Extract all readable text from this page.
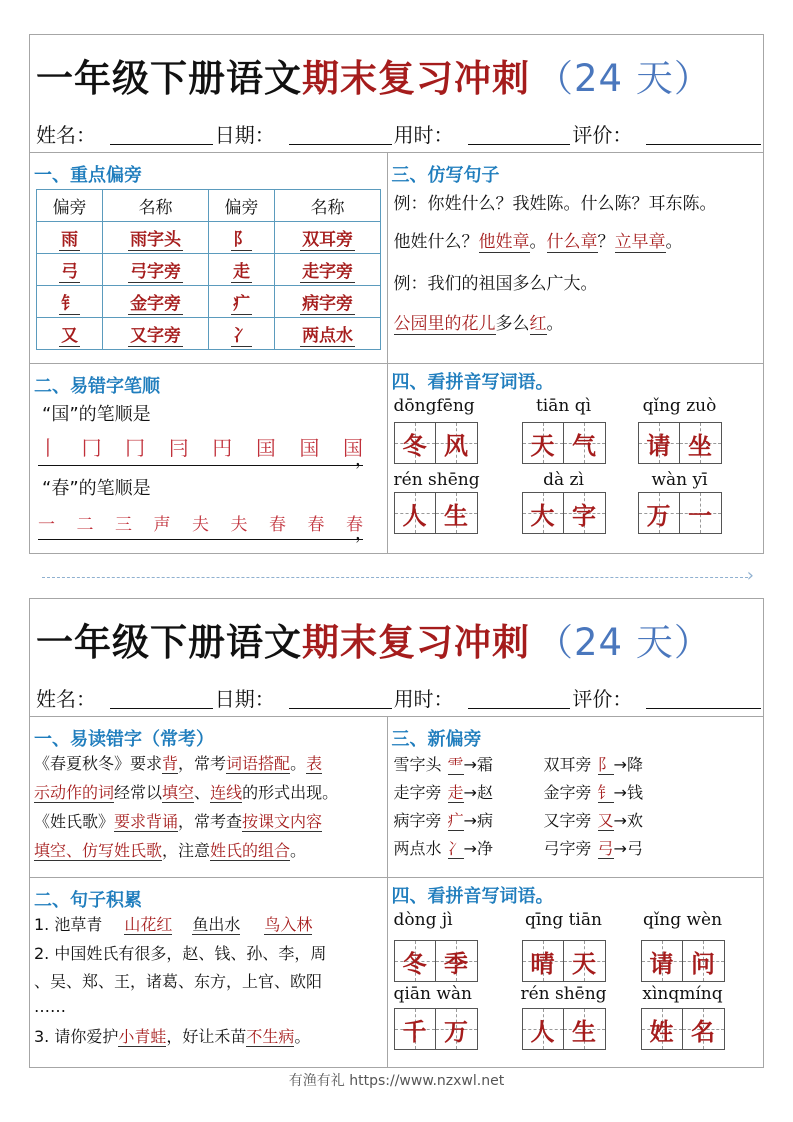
一年级下册语文 期末复习冲刺 （24 天）
姓名：	日期：	用时：	评价：
一、重点偏旁
偏旁	名称	偏旁	名称
雨	雨字头	阝	双耳旁
弓	弓字旁	走	走字旁
钅	金字旁	疒	病字旁
又	又字旁	冫	两点水
二、易错字笔顺
“国”的笔顺是
丨 冂 冂 冃 円 囯 国 国
，
“春”的笔顺是
一 二 三 声 夫 夫 春 春 春
，
三、仿写句子
例：你姓什么？我姓陈。什么陈？耳东陈。
他姓什么？他姓章。什么章？立早章。
例：我们的祖国多么广大。
公园里的花儿多么红。
四、看拼音写词语。
dōngfēng
冬 风
tiān qì
天 气
qǐng zuò
请 坐
rén shēng
人 生
dà zì
大 字
wàn yī
万 一
›
一年级下册语文 期末复习冲刺 （24 天）
姓名：	日期：	用时：	评价：
一、易读错字（常考）
《春夏秋冬》要求背，常考词语搭配。表
示动作的词经常以填空、连线的形式出现。
《姓氏歌》要求背诵，常考查按课文内容
填空、仿写姓氏歌，注意姓氏的组合。
二、句子积累
1. 池草青 山花红 鱼出水 鸟入林
2. 中国姓氏有很多，赵、钱、孙、李，周
、吴、郑、王，诸葛、东方，上官、欧阳
……
3. 请你爱护小青蛙，好让禾苗不生病。
三、新偏旁
雪字头 ⻗→霜	双耳旁 阝→降
走字旁 走→赵	金字旁 钅→钱
病字旁 疒→病	又字旁 又→欢
两点水 冫→净	弓字旁 弓→弓
四、看拼音写词语。
dòng jì
冬 季
qīng tiān
晴 天
qǐng wèn
请 问
qiān wàn
千 万
rén shēng
人 生
xìnqmínq
姓 名
有渔有礼 https://www.nzxwl.net
